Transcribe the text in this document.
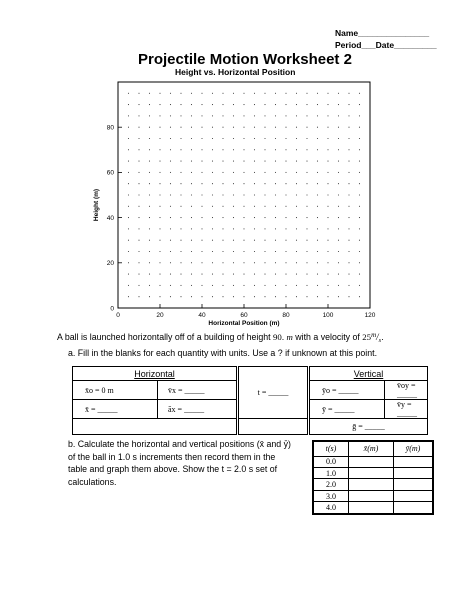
Name_______________
Period___Date_________
Projectile Motion Worksheet 2
Height vs. Horizontal Position
0	20	40	60	80	100	120
0
20
40
60
80
Horizontal Position (m)
Height (m)
A ball is launched horizontally off of a building of height 90. m with a velocity of $25^m/_s$.
a. Fill in the blanks for each quantity with units. Use a ? if unknown at this point.
Horizontal		t = _____	Vertical	
x̄o = 0 m	v̄x = _____		ȳo = _____	v̄oy = _____
x̄ = _____	āx = _____		ȳ = _____	v̄y = _____
			ḡ = _____	
b. Calculate the horizontal and vertical positions (x̄ and ȳ)
of the ball in 1.0 s increments then record them in the
table and graph them above. Show the t = 2.0 s set of
calculations.
t(s)	x̄(m)	ȳ(m)
0.0		
1.0		
2.0		
3.0		
4.0		
